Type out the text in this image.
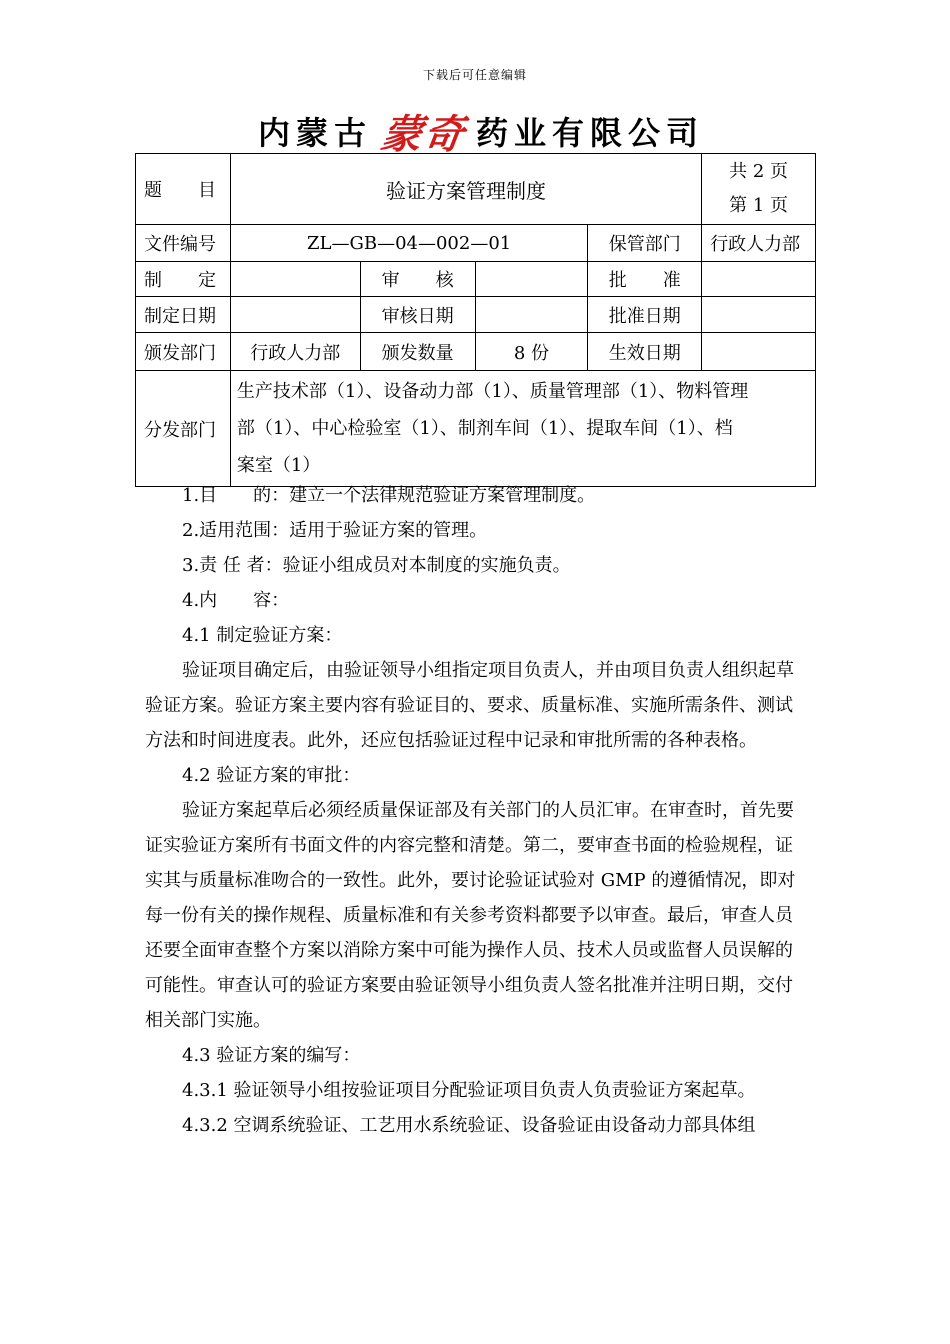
下载后可任意编辑
内蒙古 蒙奇 药业有限公司
题　　目	验证方案管理制度				共 2 页
第 1 页

文件编号	ZL—GB—04—002—01			保管部门	行政人力部
制　　定		审　　核		批　　准	
制定日期		审核日期		批准日期	
颁发部门	行政人力部	颁发数量	8 份	生效日期	
分发部门	生产技术部（1）、设备动力部（1）、质量管理部（1）、物料管理
部（1）、中心检验室（1）、制剂车间（1）、提取车间（1）、档
案室（1）				

1.目　　的：建立一个法律规范验证方案管理制度。

2.适用范围：适用于验证方案的管理。

3.责 任 者：验证小组成员对本制度的实施负责。

4.内　　容：

4.1 制定验证方案：

验证项目确定后，由验证领导小组指定项目负责人，并由项目负责人组织起草验证方案。验证方案主要内容有验证目的、要求、质量标准、实施所需条件、测试方法和时间进度表。此外，还应包括验证过程中记录和审批所需的各种表格。

4.2 验证方案的审批：

验证方案起草后必须经质量保证部及有关部门的人员汇审。在审查时，首先要证实验证方案所有书面文件的内容完整和清楚。第二，要审查书面的检验规程，证实其与质量标准吻合的一致性。此外，要讨论验证试验对 GMP 的遵循情况，即对每一份有关的操作规程、质量标准和有关参考资料都要予以审查。最后，审查人员还要全面审查整个方案以消除方案中可能为操作人员、技术人员或监督人员误解的可能性。审查认可的验证方案要由验证领导小组负责人签名批准并注明日期，交付相关部门实施。

4.3 验证方案的编写：

4.3.1 验证领导小组按验证项目分配验证项目负责人负责验证方案起草。

4.3.2 空调系统验证、工艺用水系统验证、设备验证由设备动力部具体组
